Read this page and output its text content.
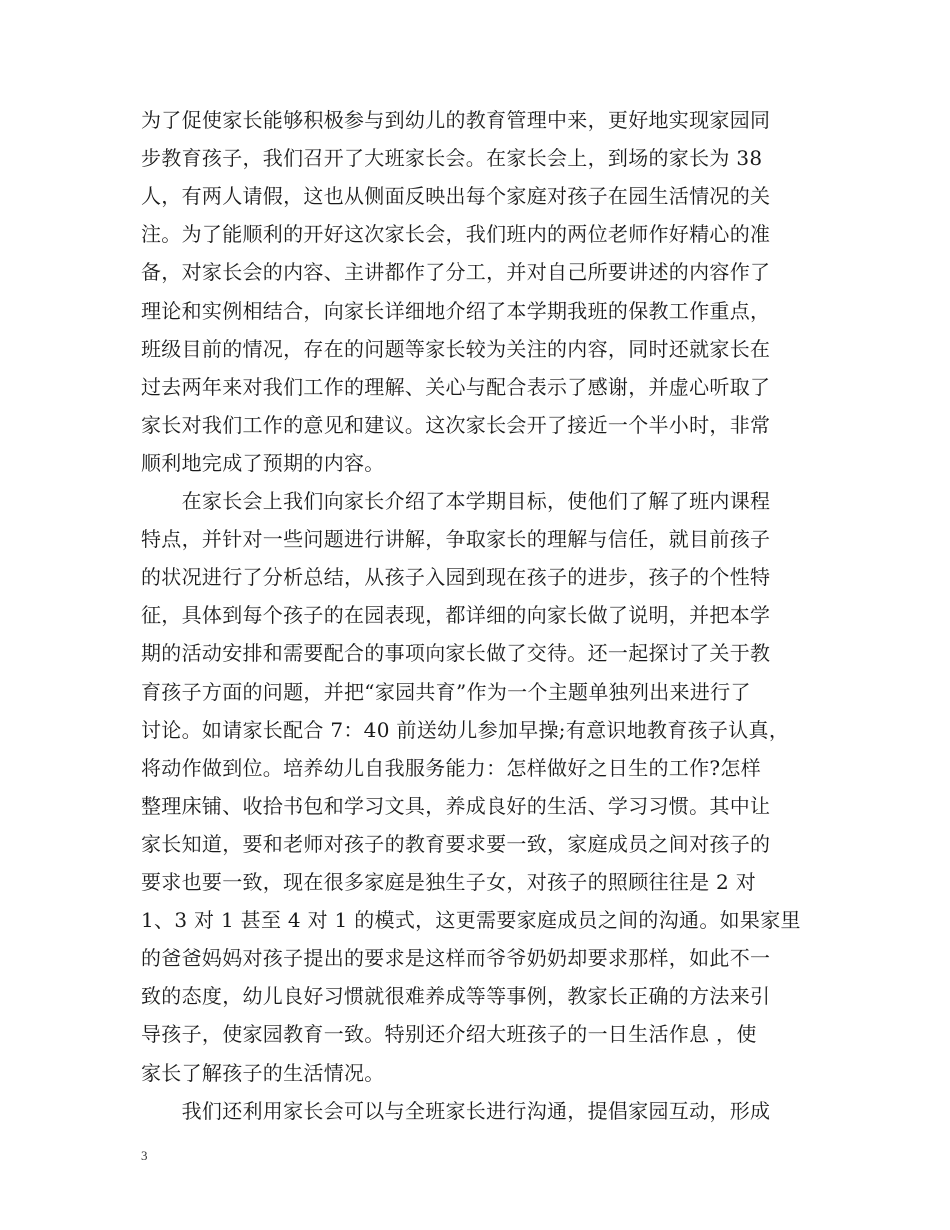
为了促使家长能够积极参与到幼儿的教育管理中来，更好地实现家园同
步教育孩子，我们召开了大班家长会。在家长会上，到场的家长为 38
人，有两人请假，这也从侧面反映出每个家庭对孩子在园生活情况的关
注。为了能顺利的开好这次家长会，我们班内的两位老师作好精心的准
备，对家长会的内容、主讲都作了分工，并对自己所要讲述的内容作了
理论和实例相结合，向家长详细地介绍了本学期我班的保教工作重点，
班级目前的情况，存在的问题等家长较为关注的内容，同时还就家长在
过去两年来对我们工作的理解、关心与配合表示了感谢，并虚心听取了
家长对我们工作的意见和建议。这次家长会开了接近一个半小时，非常
顺利地完成了预期的内容。
　　在家长会上我们向家长介绍了本学期目标，使他们了解了班内课程
特点，并针对一些问题进行讲解，争取家长的理解与信任，就目前孩子
的状况进行了分析总结，从孩子入园到现在孩子的进步，孩子的个性特
征，具体到每个孩子的在园表现，都详细的向家长做了说明，并把本学
期的活动安排和需要配合的事项向家长做了交待。还一起探讨了关于教
育孩子方面的问题，并把“家园共育”作为一个主题单独列出来进行了
讨论。如请家长配合 7：40 前送幼儿参加早操;有意识地教育孩子认真，
将动作做到位。培养幼儿自我服务能力：怎样做好之日生的工作?怎样
整理床铺、收拾书包和学习文具，养成良好的生活、学习习惯。其中让
家长知道，要和老师对孩子的教育要求要一致，家庭成员之间对孩子的
要求也要一致，现在很多家庭是独生子女，对孩子的照顾往往是 2 对
1、3 对 1 甚至 4 对 1 的模式，这更需要家庭成员之间的沟通。如果家里
的爸爸妈妈对孩子提出的要求是这样而爷爷奶奶却要求那样，如此不一
致的态度，幼儿良好习惯就很难养成等等事例，教家长正确的方法来引
导孩子，使家园教育一致。特别还介绍大班孩子的一日生活作息 ，使
家长了解孩子的生活情况。
　　我们还利用家长会可以与全班家长进行沟通，提倡家园互动，形成
3
